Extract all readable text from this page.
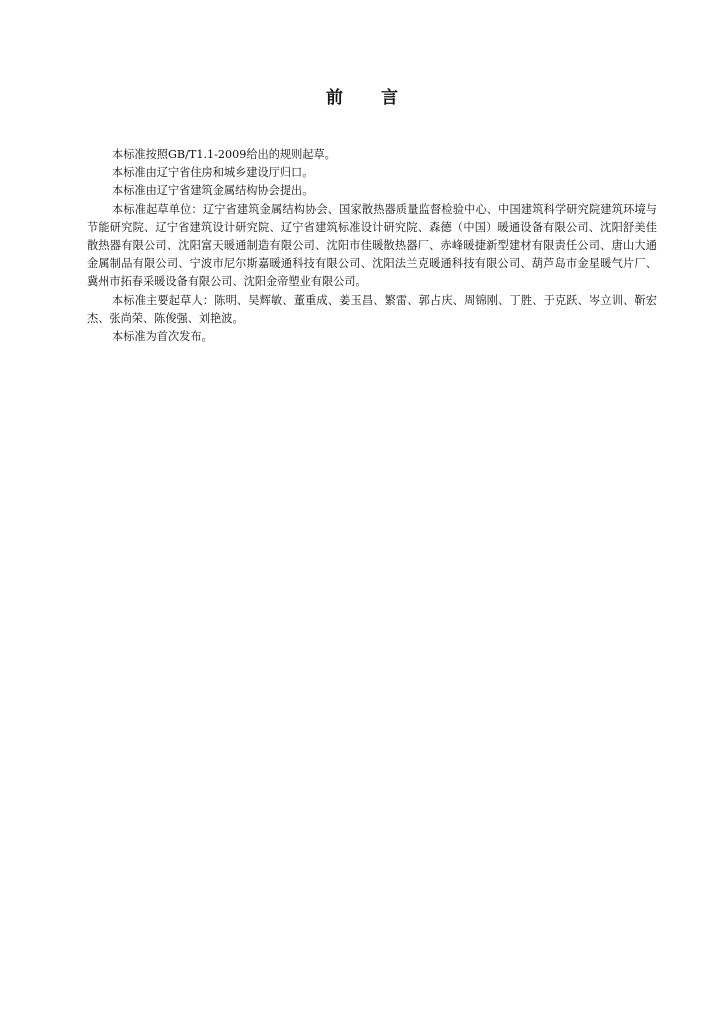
前 言

本标准按照GB/T1.1-2009给出的规则起草。

本标准由辽宁省住房和城乡建设厅归口。

本标准由辽宁省建筑金属结构协会提出。

本标准起草单位：辽宁省建筑金属结构协会、国家散热器质量监督检验中心、中国建筑科学研究院建筑环境与节能研究院、辽宁省建筑设计研究院、辽宁省建筑标准设计研究院、森德（中国）暖通设备有限公司、沈阳舒美佳散热器有限公司、沈阳富天暖通制造有限公司、沈阳市佳暖散热器厂、赤峰暖捷新型建材有限责任公司、唐山大通金属制品有限公司、宁波市尼尔斯嘉暖通科技有限公司、沈阳法兰克暖通科技有限公司、葫芦岛市金星暖气片厂、冀州市拓春采暖设备有限公司、沈阳金帝塑业有限公司。

本标准主要起草人：陈明、吴辉敏、董重成、姜玉昌、繁雷、郭占庆、周锦刚、丁胜、于克跃、岑立训、靳宏杰、张尚荣、陈俊强、刘艳波。

本标准为首次发布。
